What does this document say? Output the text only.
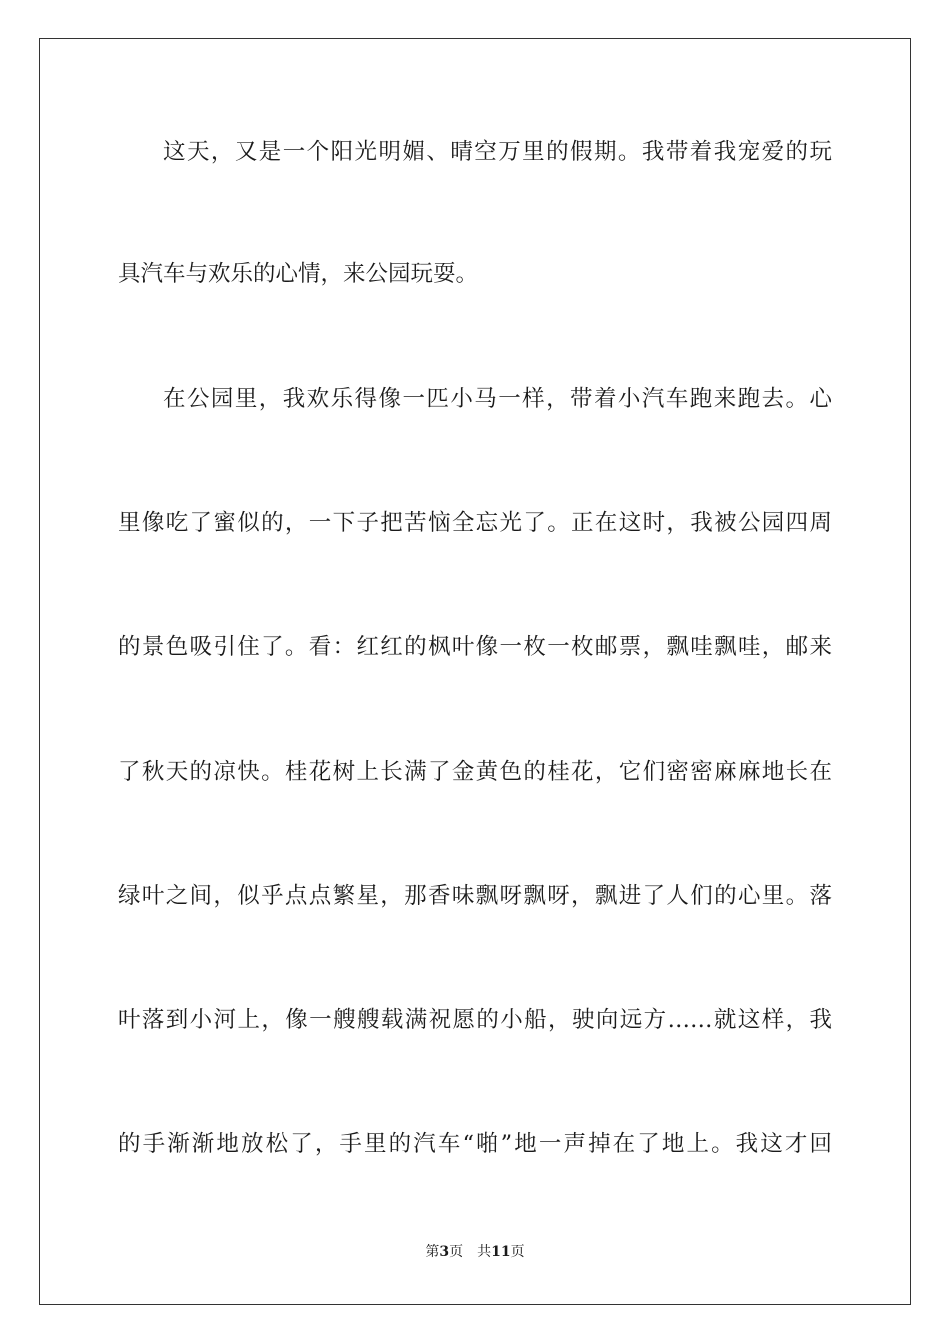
这天，又是一个阳光明媚、晴空万里的假期。我带着我宠爱的玩
具汽车与欢乐的心情，来公园玩耍。
在公园里，我欢乐得像一匹小马一样，带着小汽车跑来跑去。心
里像吃了蜜似的，一下子把苦恼全忘光了。正在这时，我被公园四周
的景色吸引住了。看：红红的枫叶像一枚一枚邮票，飘哇飘哇，邮来
了秋天的凉快。桂花树上长满了金黄色的桂花，它们密密麻麻地长在
绿叶之间，似乎点点繁星，那香味飘呀飘呀，飘进了人们的心里。落
叶落到小河上，像一艘艘载满祝愿的小船，驶向远方……就这样，我
的手渐渐地放松了，手里的汽车“啪”地一声掉在了地上。我这才回
第3页 共11页
